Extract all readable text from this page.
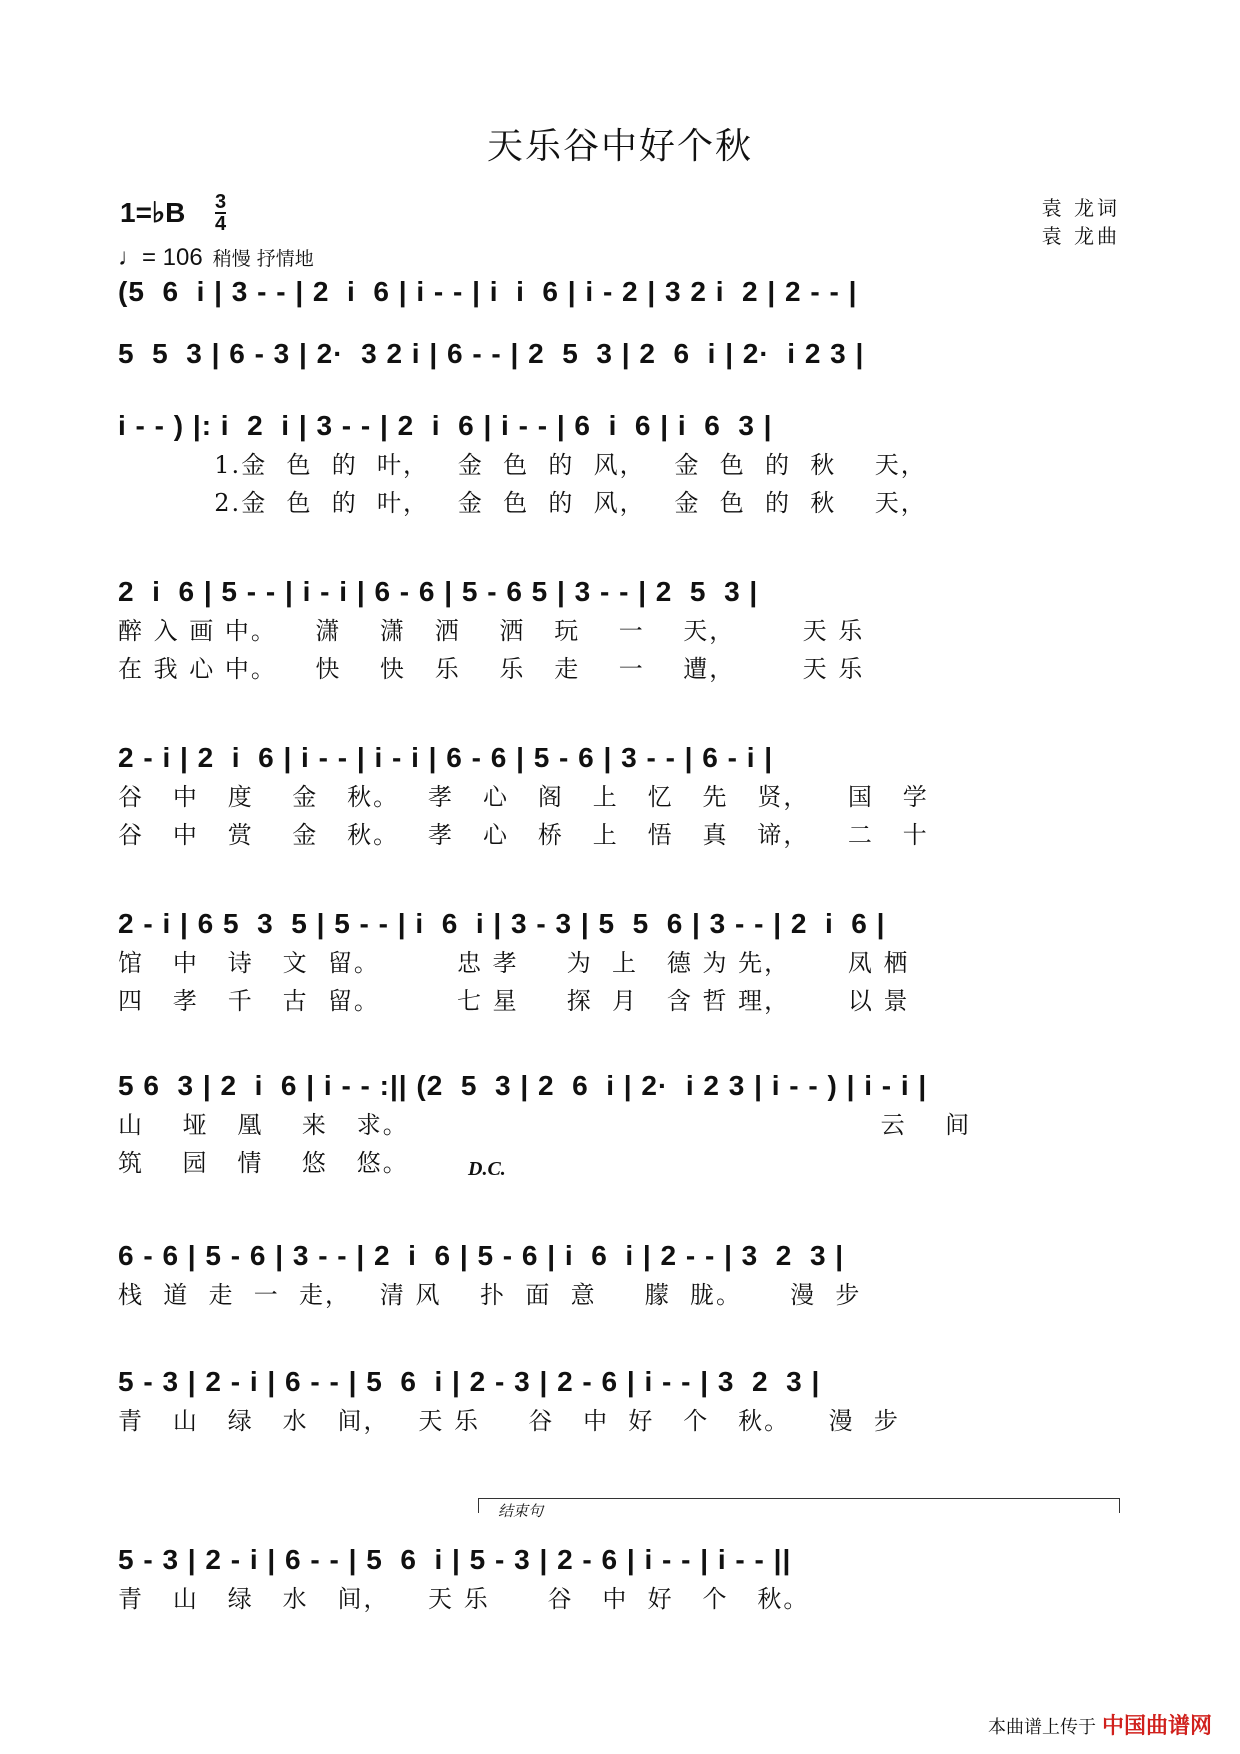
天乐谷中好个秋
1=♭B 3
4
♩= 106 稍慢 抒情地
袁 龙词
袁 龙曲
(5  6  i | 3 - - | 2  i  6 | i - - | i  i  6 | i - 2 | 3 2 i  2 | 2 - - |
5  5  3 | 6 - 3 | 2·  3 2 i | 6 - - | 2  5  3 | 2  6  i | 2·  i 2 3 |
i - - ) |: i  2  i | 3 - - | 2  i  6 | i - - | 6  i  6 | i  6  3 |
1.金  色  的  叶，   金  色  的  风，   金  色  的  秋    天，
2.金  色  的  叶，   金  色  的  风，   金  色  的  秋    天，
2  i  6 | 5 - - | i - i | 6 - 6 | 5 - 6 5 | 3 - - | 2  5  3 |
醉 入 画 中。    潇    潇   洒    洒   玩    一    天，       天 乐
在 我 心 中。    快    快   乐    乐   走    一    遭，       天 乐
2 - i | 2  i  6 | i - - | i - i | 6 - 6 | 5 - 6 | 3 - - | 6 - i |
谷   中   度    金   秋。   孝   心   阁   上   忆   先   贤，    国   学
谷   中   赏    金   秋。   孝   心   桥   上   悟   真   谛，    二   十
2 - i | 6 5  3  5 | 5 - - | i  6  i | 3 - 3 | 5  5  6 | 3 - - | 2  i  6 |
馆   中   诗   文  留。        忠 孝     为  上   德 为 先，      凤 栖
四   孝   千   古  留。        七 星     探  月   含 哲 理，      以 景
5 6  3 | 2  i  6 | i - - :|| (2  5  3 | 2  6  i | 2·  i 2 3 | i - - ) | i - i |
山    垭   凰    来   求。                                                 云    间
筑    园   情    悠   悠。	D.C.
6 - 6 | 5 - 6 | 3 - - | 2  i  6 | 5 - 6 | i  6  i | 2 - - | 3  2  3 |
栈  道  走  一  走，   清 风    扑  面  意     朦  胧。     漫  步
5 - 3 | 2 - i | 6 - - | 5  6  i | 2 - 3 | 2 - 6 | i - - | 3  2  3 |
青   山   绿   水   间，   天 乐     谷   中  好   个   秋。    漫  步
结束句
5 - 3 | 2 - i | 6 - - | 5  6  i | 5 - 3 | 2 - 6 | i - - | i - - ||
青   山   绿   水   间，    天 乐      谷   中  好   个   秋。
本曲谱上传于 中国曲谱网
